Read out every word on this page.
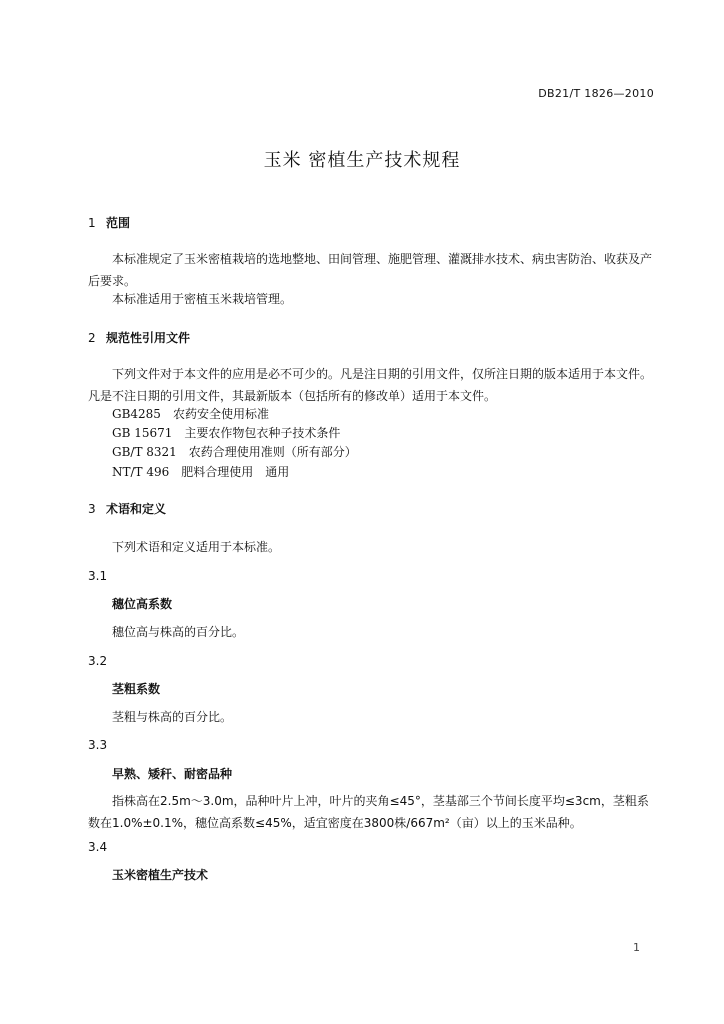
DB21/T 1826—2010
玉米 密植生产技术规程
1 范围
本标准规定了玉米密植栽培的选地整地、田间管理、施肥管理、灌溉排水技术、病虫害防治、收获及产后要求。
本标准适用于密植玉米栽培管理。
2 规范性引用文件
下列文件对于本文件的应用是必不可少的。凡是注日期的引用文件，仅所注日期的版本适用于本文件。凡是不注日期的引用文件，其最新版本（包括所有的修改单）适用于本文件。
GB4285　农药安全使用标准
GB 15671　主要农作物包衣种子技术条件
GB/T 8321　农药合理使用准则（所有部分）
NT/T 496　肥料合理使用　通用
3 术语和定义
下列术语和定义适用于本标准。
3.1
穗位高系数
穗位高与株高的百分比。
3.2
茎粗系数
茎粗与株高的百分比。
3.3
早熟、矮秆、耐密品种
指株高在2.5m～3.0m，品种叶片上冲，叶片的夹角≤45°，茎基部三个节间长度平均≤3cm，茎粗系数在1.0%±0.1%，穗位高系数≤45%，适宜密度在3800株/667m²（亩）以上的玉米品种。
3.4
玉米密植生产技术
1
